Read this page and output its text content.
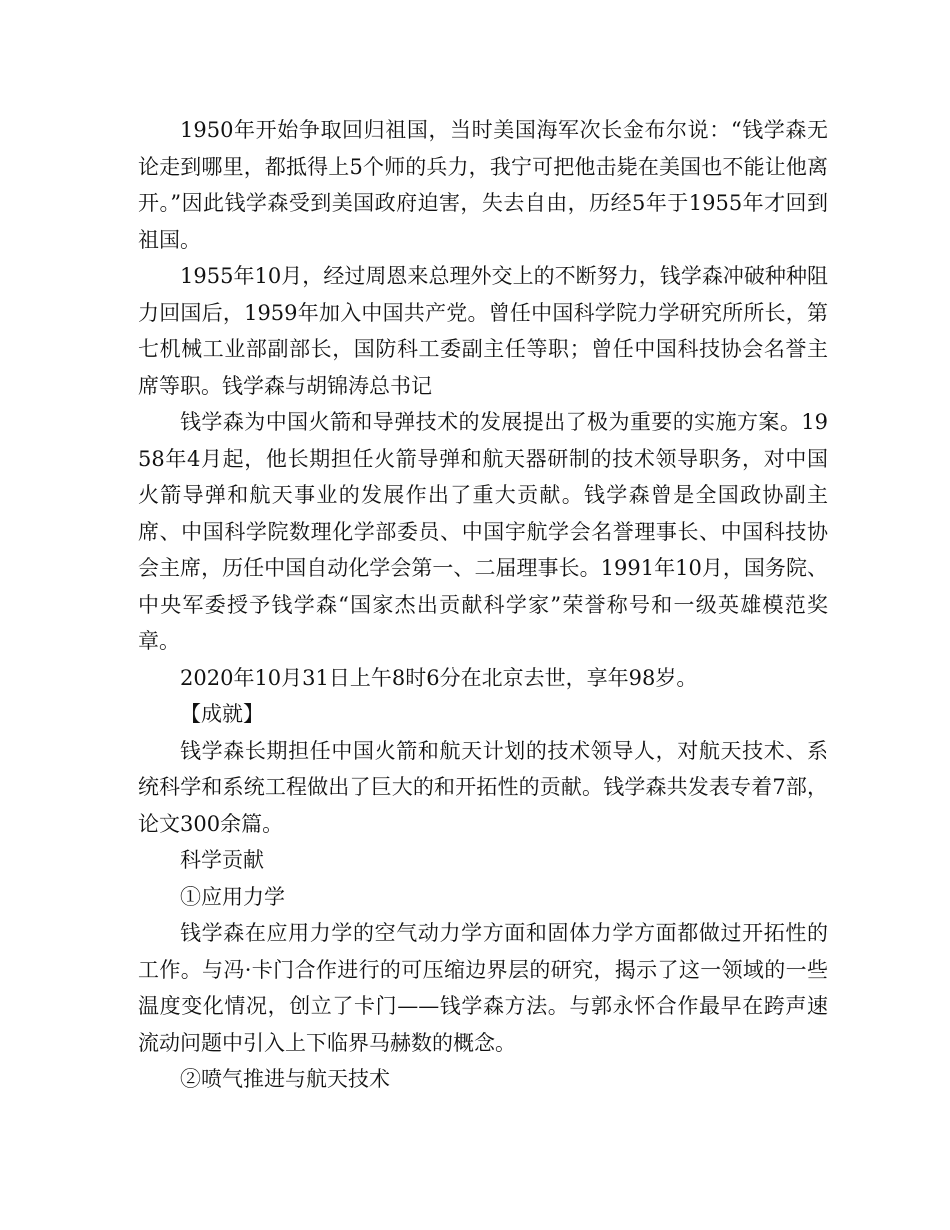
1950年开始争取回归祖国，当时美国海军次长金布尔说：“钱学森无论走到哪里，都抵得上5个师的兵力，我宁可把他击毙在美国也不能让他离开。”因此钱学森受到美国政府迫害，失去自由，历经5年于1955年才回到祖国。

1955年10月，经过周恩来总理外交上的不断努力，钱学森冲破种种阻力回国后，1959年加入中国共产党。曾任中国科学院力学研究所所长，第七机械工业部副部长，国防科工委副主任等职；曾任中国科技协会名誉主席等职。钱学森与胡锦涛总书记

钱学森为中国火箭和导弹技术的发展提出了极为重要的实施方案。1958年4月起，他长期担任火箭导弹和航天器研制的技术领导职务，对中国火箭导弹和航天事业的发展作出了重大贡献。钱学森曾是全国政协副主席、中国科学院数理化学部委员、中国宇航学会名誉理事长、中国科技协会主席，历任中国自动化学会第一、二届理事长。1991年10月，国务院、中央军委授予钱学森“国家杰出贡献科学家”荣誉称号和一级英雄模范奖章。

2020年10月31日上午8时6分在北京去世，享年98岁。

【成就】

钱学森长期担任中国火箭和航天计划的技术领导人，对航天技术、系统科学和系统工程做出了巨大的和开拓性的贡献。钱学森共发表专着7部，论文300余篇。

科学贡献

①应用力学

钱学森在应用力学的空气动力学方面和固体力学方面都做过开拓性的工作。与冯·卡门合作进行的可压缩边界层的研究，揭示了这一领域的一些温度变化情况，创立了卡门——钱学森方法。与郭永怀合作最早在跨声速流动问题中引入上下临界马赫数的概念。

②喷气推进与航天技术
